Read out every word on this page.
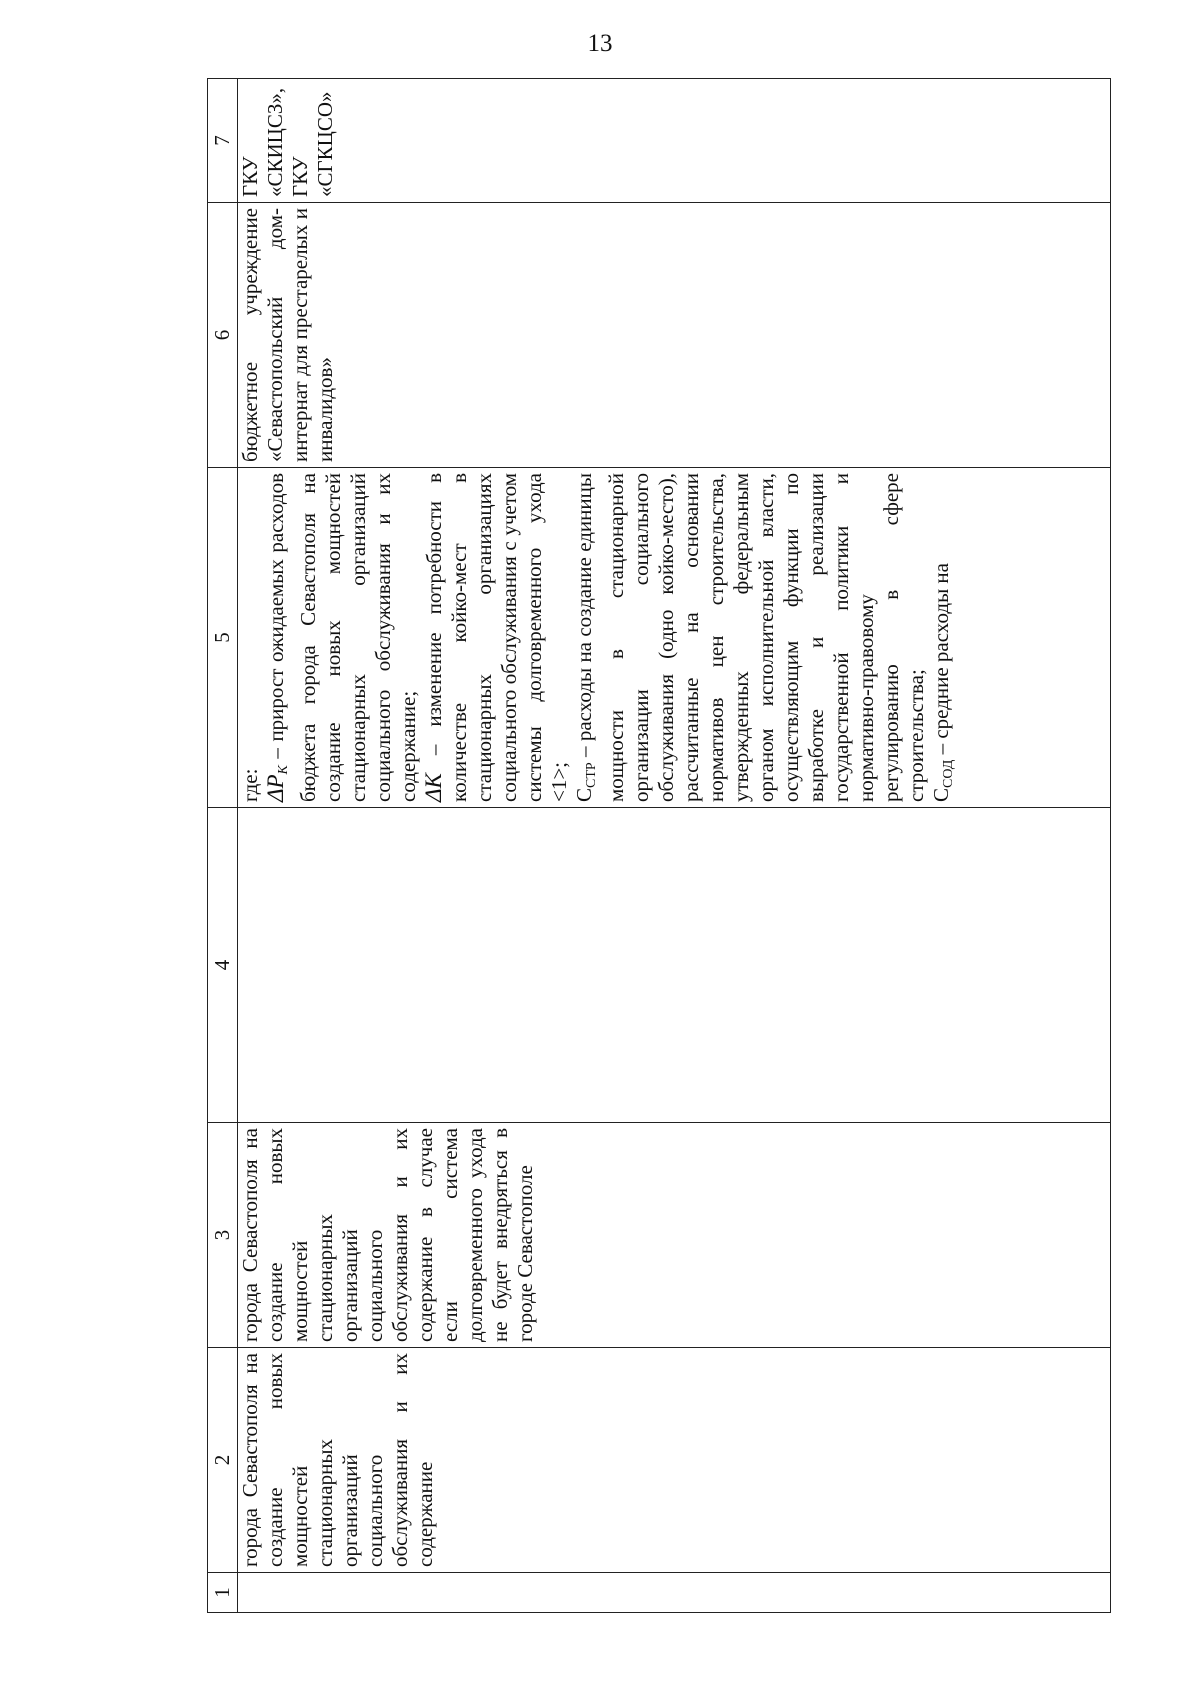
13
1	2	3	4	5	6	7
	города Севастополя на создание новых мощностей стационарных организаций социального обслуживания и их содержание	города Севастополя на создание новых мощностей стационарных организаций социального обслуживания и их содержание в случае если система долговременного ухода не будет внедряться в городе Севастополе		где: $\Delta P_K$ – прирост ожидаемых расходов бюджета города Севастополя на создание новых мощностей стационарных организаций социального обслуживания и их содержание; ΔK – изменение потребности в количестве койко-мест в стационарных организациях социального обслуживания с учетом системы долговременного ухода <1>; $С_{СТР}$ – расходы на создание единицы мощности в стационарной организации социального обслуживания (одно койко-место), рассчитанные на основании нормативов цен строительства, утвержденных федеральным органом исполнительной власти, осуществляющим функции по выработке и реализации государственной политики и нормативно-правовому регулированию в сфере строительства; $С_{СОД}$ – средние расходы на	бюджетное учреждение «Севастопольский дом-интернат для престарелых и инвалидов»	ГКУ «СКИЦСЗ», ГКУ «СГКЦСО»
